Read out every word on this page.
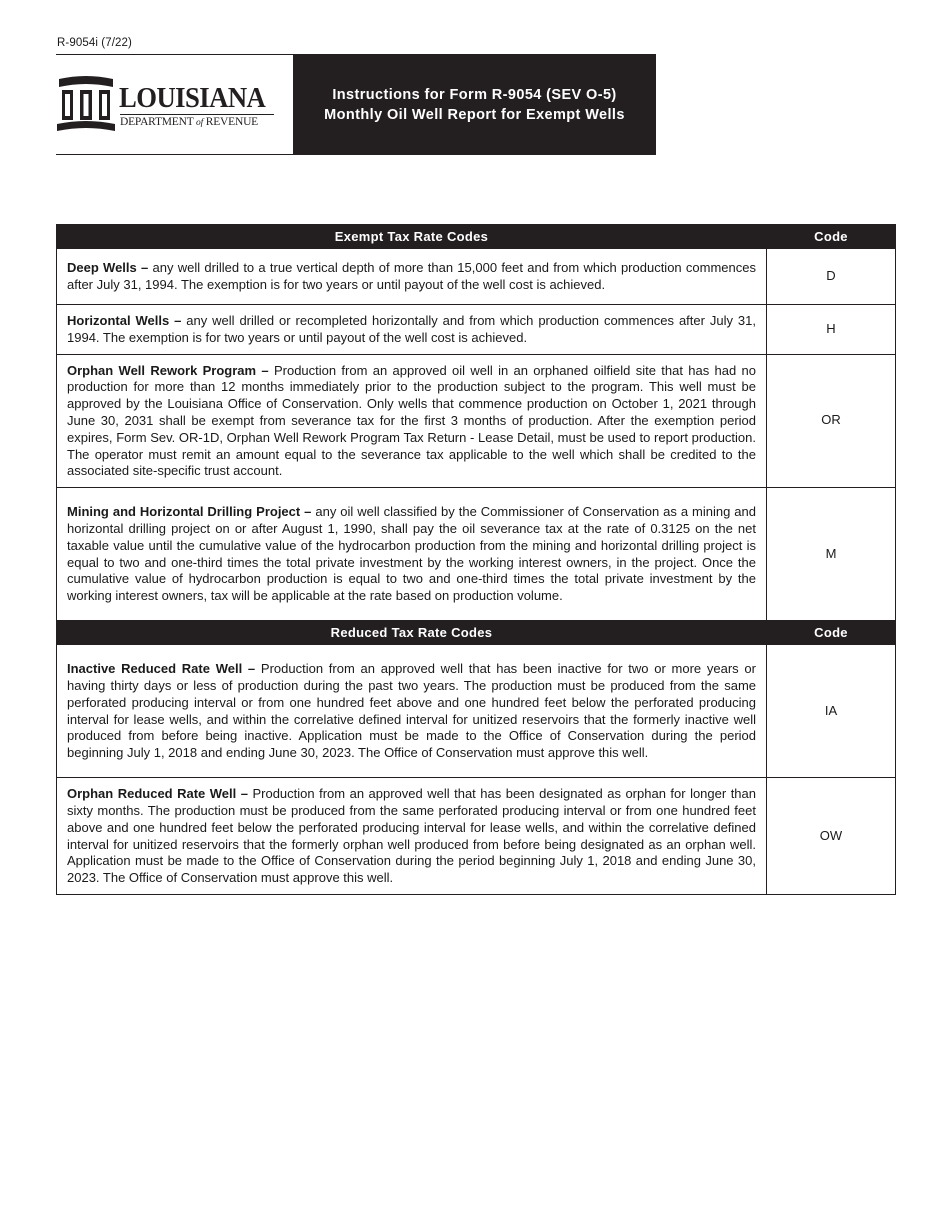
R-9054i (7/22)
LOUISIANA
DEPARTMENT of REVENUE
Instructions for Form R-9054 (SEV O-5)
Monthly Oil Well Report for Exempt Wells
Exempt Tax Rate Codes	Code
Deep Wells – any well drilled to a true vertical depth of more than 15,000 feet and from which production commences after July 31, 1994. The exemption is for two years or until payout of the well cost is achieved.	D
Horizontal Wells – any well drilled or recompleted horizontally and from which production commences after July 31, 1994. The exemption is for two years or until payout of the well cost is achieved.	H
Orphan Well Rework Program – Production from an approved oil well in an orphaned oilfield site that has had no production for more than 12 months immediately prior to the production subject to the program. This well must be approved by the Louisiana Office of Conservation. Only wells that commence production on October 1, 2021 through June 30, 2031 shall be exempt from severance tax for the first 3 months of production. After the exemption period expires, Form Sev. OR-1D, Orphan Well Rework Program Tax Return - Lease Detail, must be used to report production. The operator must remit an amount equal to the severance tax applicable to the well which shall be credited to the associated site-specific trust account.	OR
Mining and Horizontal Drilling Project – any oil well classified by the Commissioner of Conservation as a mining and horizontal drilling project on or after August 1, 1990, shall pay the oil severance tax at the rate of 0.3125 on the net taxable value until the cumulative value of the hydrocarbon production from the mining and horizontal drilling project is equal to two and one-third times the total private investment by the working interest owners, in the project. Once the cumulative value of hydrocarbon production is equal to two and one-third times the total private investment by the working interest owners, tax will be applicable at the rate based on production volume.	M
Reduced Tax Rate Codes	Code
Inactive Reduced Rate Well – Production from an approved well that has been inactive for two or more years or having thirty days or less of production during the past two years. The production must be produced from the same perforated producing interval or from one hundred feet above and one hundred feet below the perforated producing interval for lease wells, and within the correlative defined interval for unitized reservoirs that the formerly inactive well produced from before being inactive. Application must be made to the Office of Conservation during the period beginning July 1, 2018 and ending June 30, 2023. The Office of Conservation must approve this well.	IA
Orphan Reduced Rate Well – Production from an approved well that has been designated as orphan for longer than sixty months. The production must be produced from the same perforated producing interval or from one hundred feet above and one hundred feet below the perforated producing interval for lease wells, and within the correlative defined interval for unitized reservoirs that the formerly orphan well produced from before being designated as an orphan well. Application must be made to the Office of Conservation during the period beginning July 1, 2018 and ending June 30, 2023. The Office of Conservation must approve this well.	OW
